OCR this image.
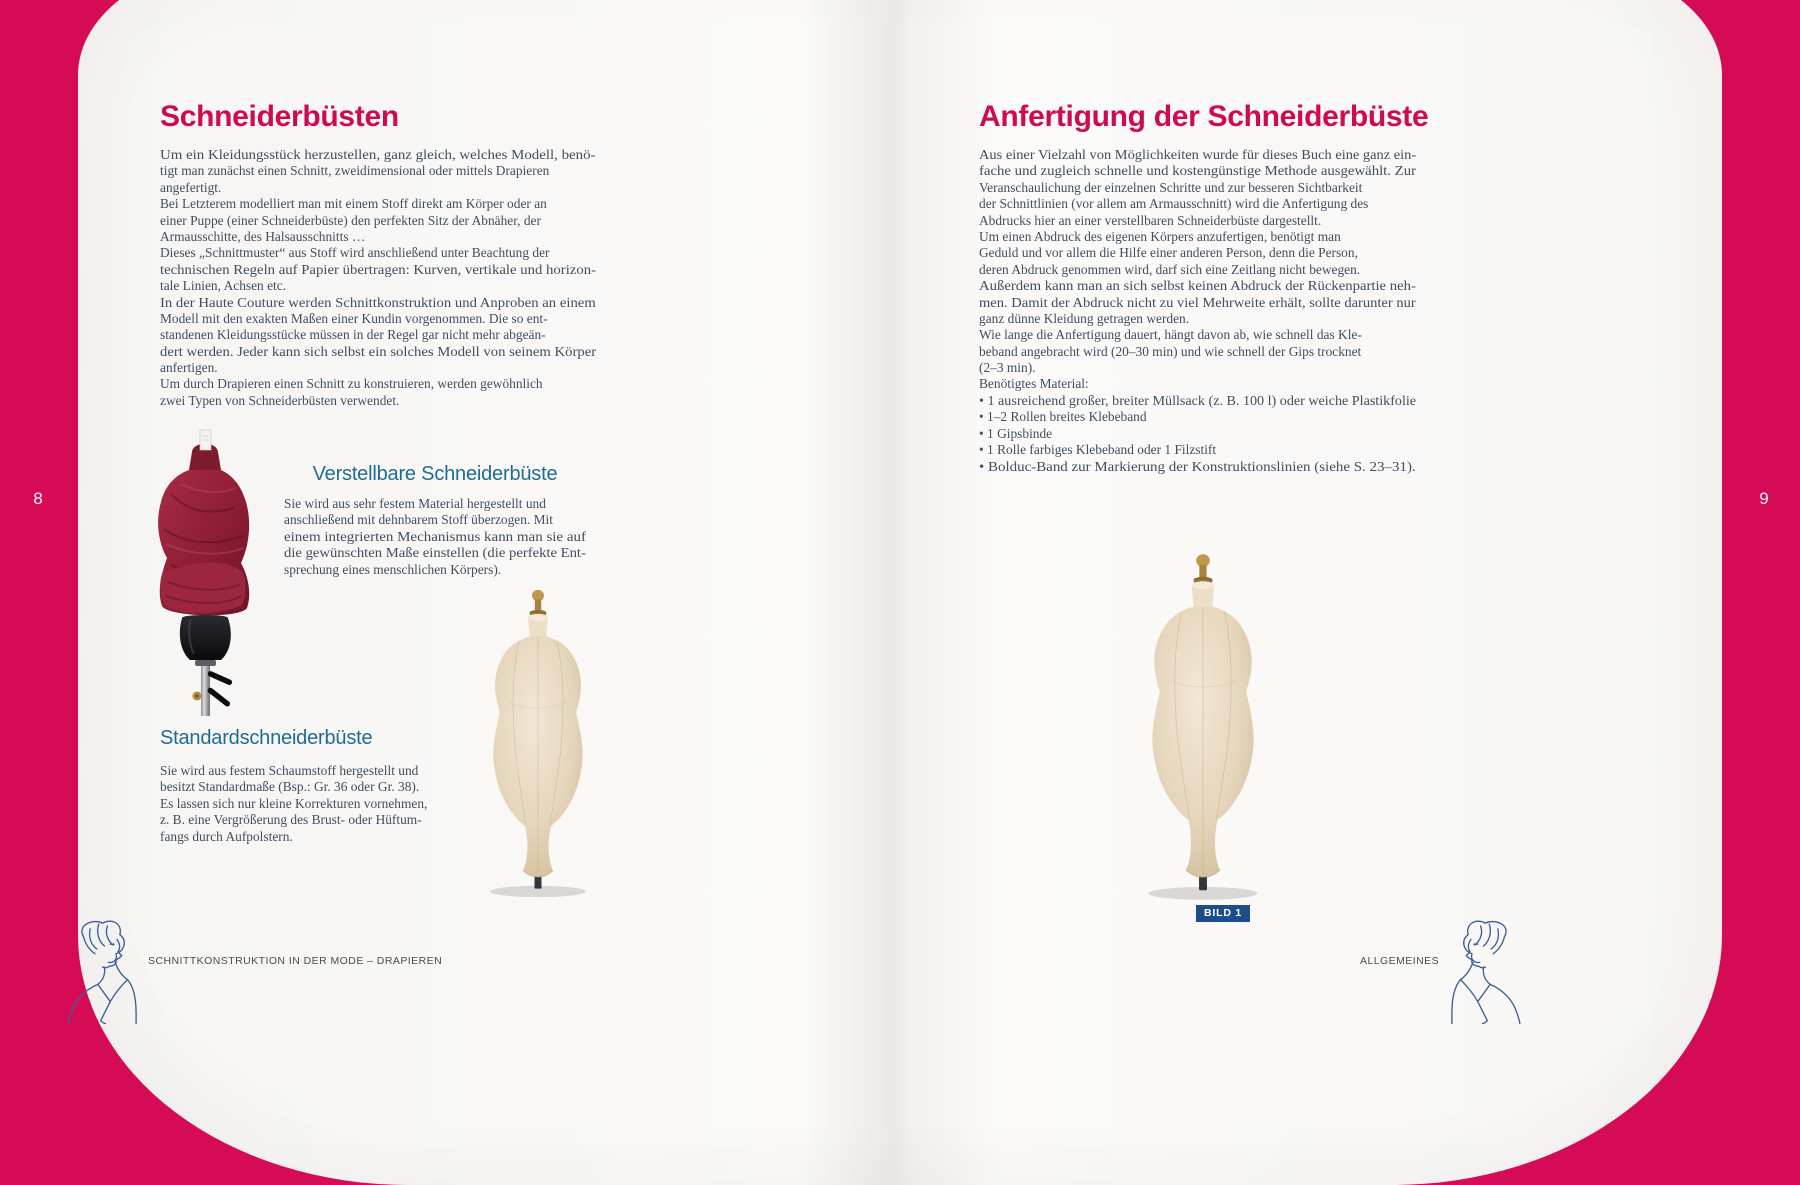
8	9
Schneiderbüsten
Um ein Kleidungsstück herzustellen, ganz gleich, welches Modell, benö-
tigt man zunächst einen Schnitt, zweidimensional oder mittels Drapieren
angefertigt.
Bei Letzterem modelliert man mit einem Stoff direkt am Körper oder an
einer Puppe (einer Schneiderbüste) den perfekten Sitz der Abnäher, der
Armausschitte, des Halsausschnitts …
Dieses „Schnittmuster“ aus Stoff wird anschließend unter Beachtung der
technischen Regeln auf Papier übertragen: Kurven, vertikale und horizon-
tale Linien, Achsen etc.
In der Haute Couture werden Schnittkonstruktion und Anproben an einem
Modell mit den exakten Maßen einer Kundin vorgenommen. Die so ent-
standenen Kleidungsstücke müssen in der Regel gar nicht mehr abgeän-
dert werden. Jeder kann sich selbst ein solches Modell von seinem Körper
anfertigen.
Um durch Drapieren einen Schnitt zu konstruieren, werden gewöhnlich
zwei Typen von Schneiderbüsten verwendet.
Verstellbare Schneiderbüste
Sie wird aus sehr festem Material hergestellt und
anschließend mit dehnbarem Stoff überzogen. Mit
einem integrierten Mechanismus kann man sie auf
die gewünschten Maße einstellen (die perfekte Ent-
sprechung eines menschlichen Körpers).
Standardschneiderbüste
Sie wird aus festem Schaumstoff hergestellt und
besitzt Standardmaße (Bsp.: Gr. 36 oder Gr. 38).
Es lassen sich nur kleine Korrekturen vornehmen,
z. B. eine Vergrößerung des Brust- oder Hüftum-
fangs durch Aufpolstern.
Anfertigung der Schneiderbüste
Aus einer Vielzahl von Möglichkeiten wurde für dieses Buch eine ganz ein-
fache und zugleich schnelle und kostengünstige Methode ausgewählt. Zur
Veranschaulichung der einzelnen Schritte und zur besseren Sichtbarkeit
der Schnittlinien (vor allem am Armausschnitt) wird die Anfertigung des
Abdrucks hier an einer verstellbaren Schneiderbüste dargestellt.
Um einen Abdruck des eigenen Körpers anzufertigen, benötigt man
Geduld und vor allem die Hilfe einer anderen Person, denn die Person,
deren Abdruck genommen wird, darf sich eine Zeitlang nicht bewegen.
Außerdem kann man an sich selbst keinen Abdruck der Rückenpartie neh-
men. Damit der Abdruck nicht zu viel Mehrweite erhält, sollte darunter nur
ganz dünne Kleidung getragen werden.
Wie lange die Anfertigung dauert, hängt davon ab, wie schnell das Kle-
beband angebracht wird (20–30 min) und wie schnell der Gips trocknet
(2–3 min).
Benötigtes Material:
• 1 ausreichend großer, breiter Müllsack (z. B. 100 l) oder weiche Plastikfolie
• 1–2 Rollen breites Klebeband
• 1 Gipsbinde
• 1 Rolle farbiges Klebeband oder 1 Filzstift
• Bolduc-Band zur Markierung der Konstruktionslinien (siehe S. 23–31).
BILD 1
SCHNITTKONSTRUKTION IN DER MODE – DRAPIEREN	ALLGEMEINES
